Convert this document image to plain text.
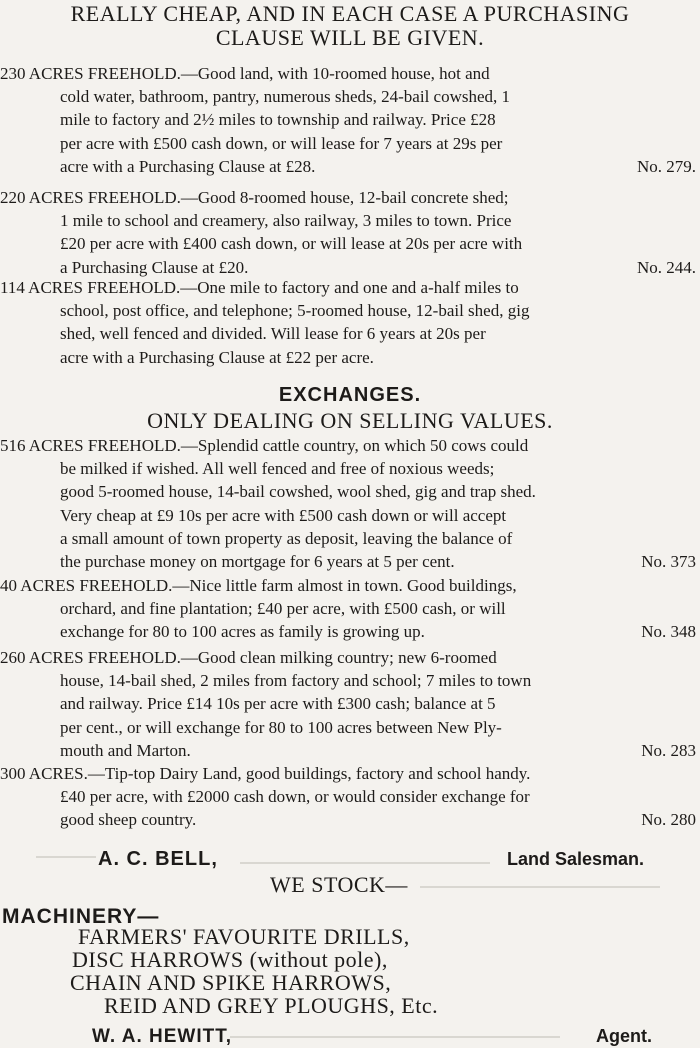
REALLY CHEAP, AND IN EACH CASE A PURCHASING
CLAUSE WILL BE GIVEN.
230 ACRES FREEHOLD.—Good land, with 10-roomed house, hot and
cold water, bathroom, pantry, numerous sheds, 24-bail cowshed, 1
mile to factory and 2½ miles to township and railway. Price £28
per acre with £500 cash down, or will lease for 7 years at 29s per
acre with a Purchasing Clause at £28.	No. 279.
220 ACRES FREEHOLD.—Good 8-roomed house, 12-bail concrete shed;
1 mile to school and creamery, also railway, 3 miles to town. Price
£20 per acre with £400 cash down, or will lease at 20s per acre with
a Purchasing Clause at £20.	No. 244.
114 ACRES FREEHOLD.—One mile to factory and one and a-half miles to
school, post office, and telephone; 5-roomed house, 12-bail shed, gig
shed, well fenced and divided. Will lease for 6 years at 20s per
acre with a Purchasing Clause at £22 per acre.
EXCHANGES.
ONLY DEALING ON SELLING VALUES.
516 ACRES FREEHOLD.—Splendid cattle country, on which 50 cows could
be milked if wished. All well fenced and free of noxious weeds;
good 5-roomed house, 14-bail cowshed, wool shed, gig and trap shed.
Very cheap at £9 10s per acre with £500 cash down or will accept
a small amount of town property as deposit, leaving the balance of
the purchase money on mortgage for 6 years at 5 per cent.	No. 373
40 ACRES FREEHOLD.—Nice little farm almost in town. Good buildings,
orchard, and fine plantation; £40 per acre, with £500 cash, or will
exchange for 80 to 100 acres as family is growing up.	No. 348
260 ACRES FREEHOLD.—Good clean milking country; new 6-roomed
house, 14-bail shed, 2 miles from factory and school; 7 miles to town
and railway. Price £14 10s per acre with £300 cash; balance at 5
per cent., or will exchange for 80 to 100 acres between New Ply-
mouth and Marton.	No. 283
300 ACRES.—Tip-top Dairy Land, good buildings, factory and school handy.
£40 per acre, with £2000 cash down, or would consider exchange for
good sheep country.	No. 280
A. C. BELL,	Land Salesman.
WE STOCK—
MACHINERY—
FARMERS' FAVOURITE DRILLS,
DISC HARROWS (without pole),
CHAIN AND SPIKE HARROWS,
REID AND GREY PLOUGHS, Etc.
W. A. HEWITT,	Agent.
